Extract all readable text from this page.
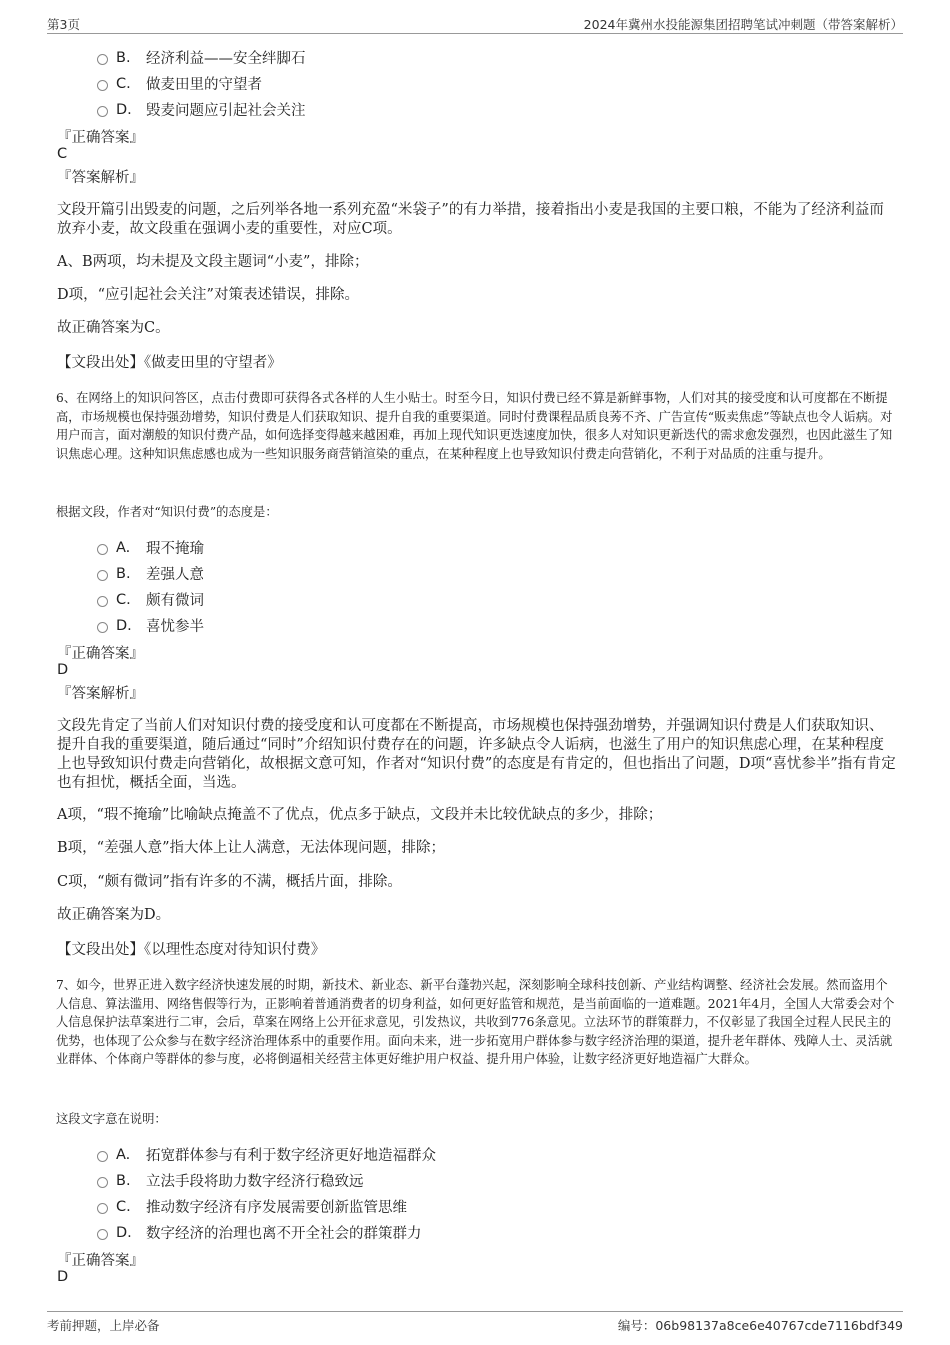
第3页	2024年冀州水投能源集团招聘笔试冲刺题（带答案解析）
B.	经济利益——安全绊脚石
C.	做麦田里的守望者
D. 毁麦问题应引起社会关注
『正确答案』
C
『答案解析』
文段开篇引出毁麦的问题，之后列举各地一系列充盈“米袋子”的有力举措，接着指出小麦是我国的主要口粮，不能为了经济利益而放弃小麦，故文段重在强调小麦的重要性，对应C项。
A、B两项，均未提及文段主题词“小麦”，排除；
D项，“应引起社会关注”对策表述错误，排除。
故正确答案为C。
【文段出处】《做麦田里的守望者》
6、在网络上的知识问答区，点击付费即可获得各式各样的人生小贴士。时至今日，知识付费已经不算是新鲜事物，人们对其的接受度和认可度都在不断提高，市场规模也保持强劲增势，知识付费是人们获取知识、提升自我的重要渠道。同时付费课程品质良莠不齐、广告宣传“贩卖焦虑”等缺点也令人诟病。对用户而言，面对潮般的知识付费产品，如何选择变得越来越困难，再加上现代知识更迭速度加快，很多人对知识更新迭代的需求愈发强烈，也因此滋生了知识焦虑心理。这种知识焦虑感也成为一些知识服务商营销渲染的重点，在某种程度上也导致知识付费走向营销化，不利于对品质的注重与提升。
根据文段，作者对“知识付费”的态度是：
A.	瑕不掩瑜
B.	差强人意
C.	颇有微词
D. 喜忧参半
『正确答案』
D
『答案解析』
文段先肯定了当前人们对知识付费的接受度和认可度都在不断提高，市场规模也保持强劲增势，并强调知识付费是人们获取知识、提升自我的重要渠道，随后通过“同时”介绍知识付费存在的问题，许多缺点令人诟病，也滋生了用户的知识焦虑心理，在某种程度上也导致知识付费走向营销化，故根据文意可知，作者对“知识付费”的态度是有肯定的，但也指出了问题，D项“喜忧参半”指有肯定也有担忧，概括全面，当选。
A项，“瑕不掩瑜”比喻缺点掩盖不了优点，优点多于缺点，文段并未比较优缺点的多少，排除；
B项，“差强人意”指大体上让人满意，无法体现问题，排除；
C项，“颇有微词”指有许多的不满，概括片面，排除。
故正确答案为D。
【文段出处】《以理性态度对待知识付费》
7、如今，世界正进入数字经济快速发展的时期，新技术、新业态、新平台蓬勃兴起，深刻影响全球科技创新、产业结构调整、经济社会发展。然而盗用个人信息、算法滥用、网络售假等行为，正影响着普通消费者的切身利益，如何更好监管和规范，是当前面临的一道难题。2021年4月，全国人大常委会对个人信息保护法草案进行二审，会后，草案在网络上公开征求意见，引发热议，共收到776条意见。立法环节的群策群力，不仅彰显了我国全过程人民民主的优势，也体现了公众参与在数字经济治理体系中的重要作用。面向未来，进一步拓宽用户群体参与数字经济治理的渠道，提升老年群体、残障人士、灵活就业群体、个体商户等群体的参与度，必将倒逼相关经营主体更好维护用户权益、提升用户体验，让数字经济更好地造福广大群众。
这段文字意在说明：
A.	拓宽群体参与有利于数字经济更好地造福群众
B.	立法手段将助力数字经济行稳致远
C.	推动数字经济有序发展需要创新监管思维
D. 数字经济的治理也离不开全社会的群策群力
『正确答案』
D
考前押题，上岸必备	编号：06b98137a8ce6e40767cde7116bdf349
